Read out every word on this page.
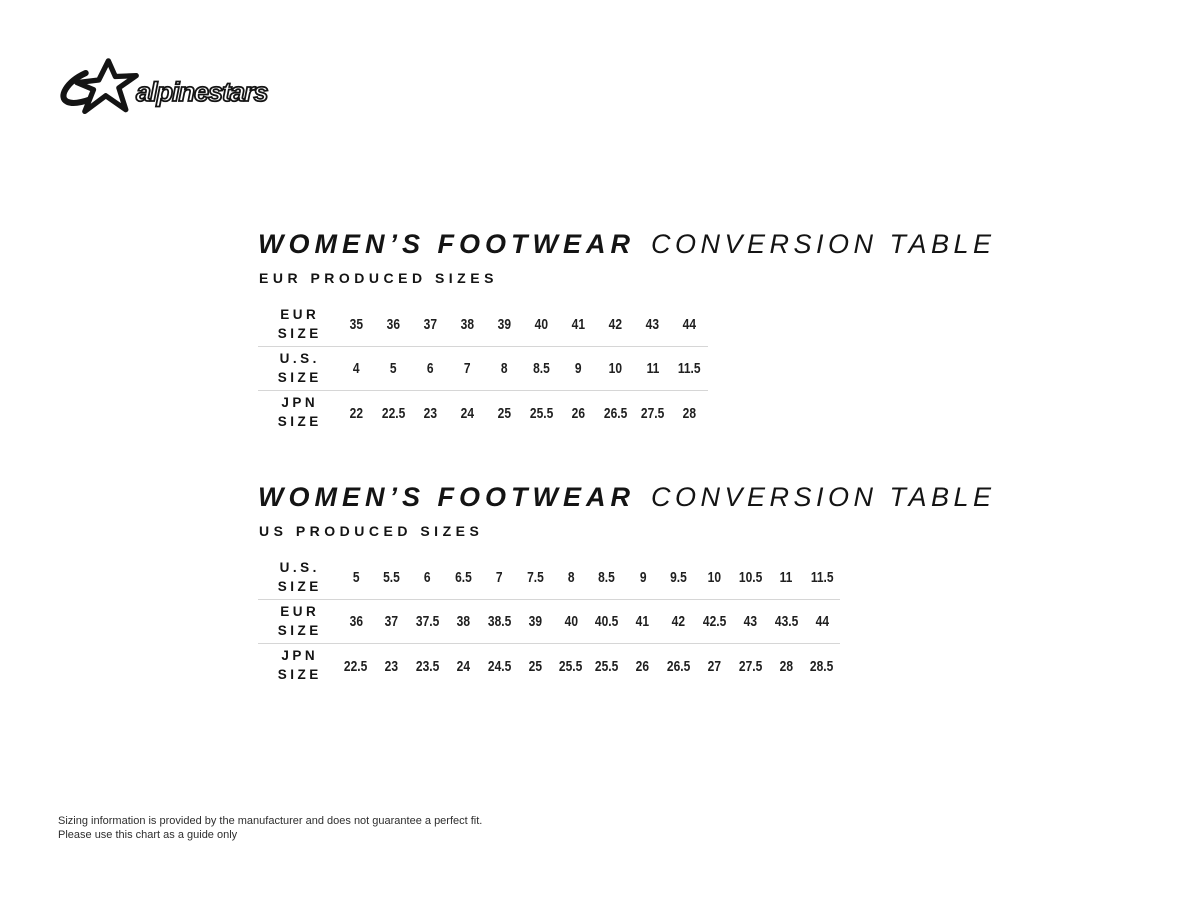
alpinestars
WOMEN’S FOOTWEAR CONVERSION TABLE
EUR PRODUCED SIZES
EUR
SIZE 35 36 37 38 39 40 41 42 43 44
U.S.
SIZE 4 5 6 7 8 8.5 9 10 11 11.5
JPN
SIZE 22 22.5 23 24 25 25.5 26 26.5 27.5 28
WOMEN’S FOOTWEAR CONVERSION TABLE
US PRODUCED SIZES
U.S.
SIZE 5 5.5 6 6.5 7 7.5 8 8.5 9 9.5 10 10.5 11 11.5
EUR
SIZE 36 37 37.5 38 38.5 39 40 40.5 41 42 42.5 43 43.5 44
JPN
SIZE 22.5 23 23.5 24 24.5 25 25.5 25.5 26 26.5 27 27.5 28 28.5
Sizing information is provided by the manufacturer and does not guarantee a perfect fit.
Please use this chart as a guide only
